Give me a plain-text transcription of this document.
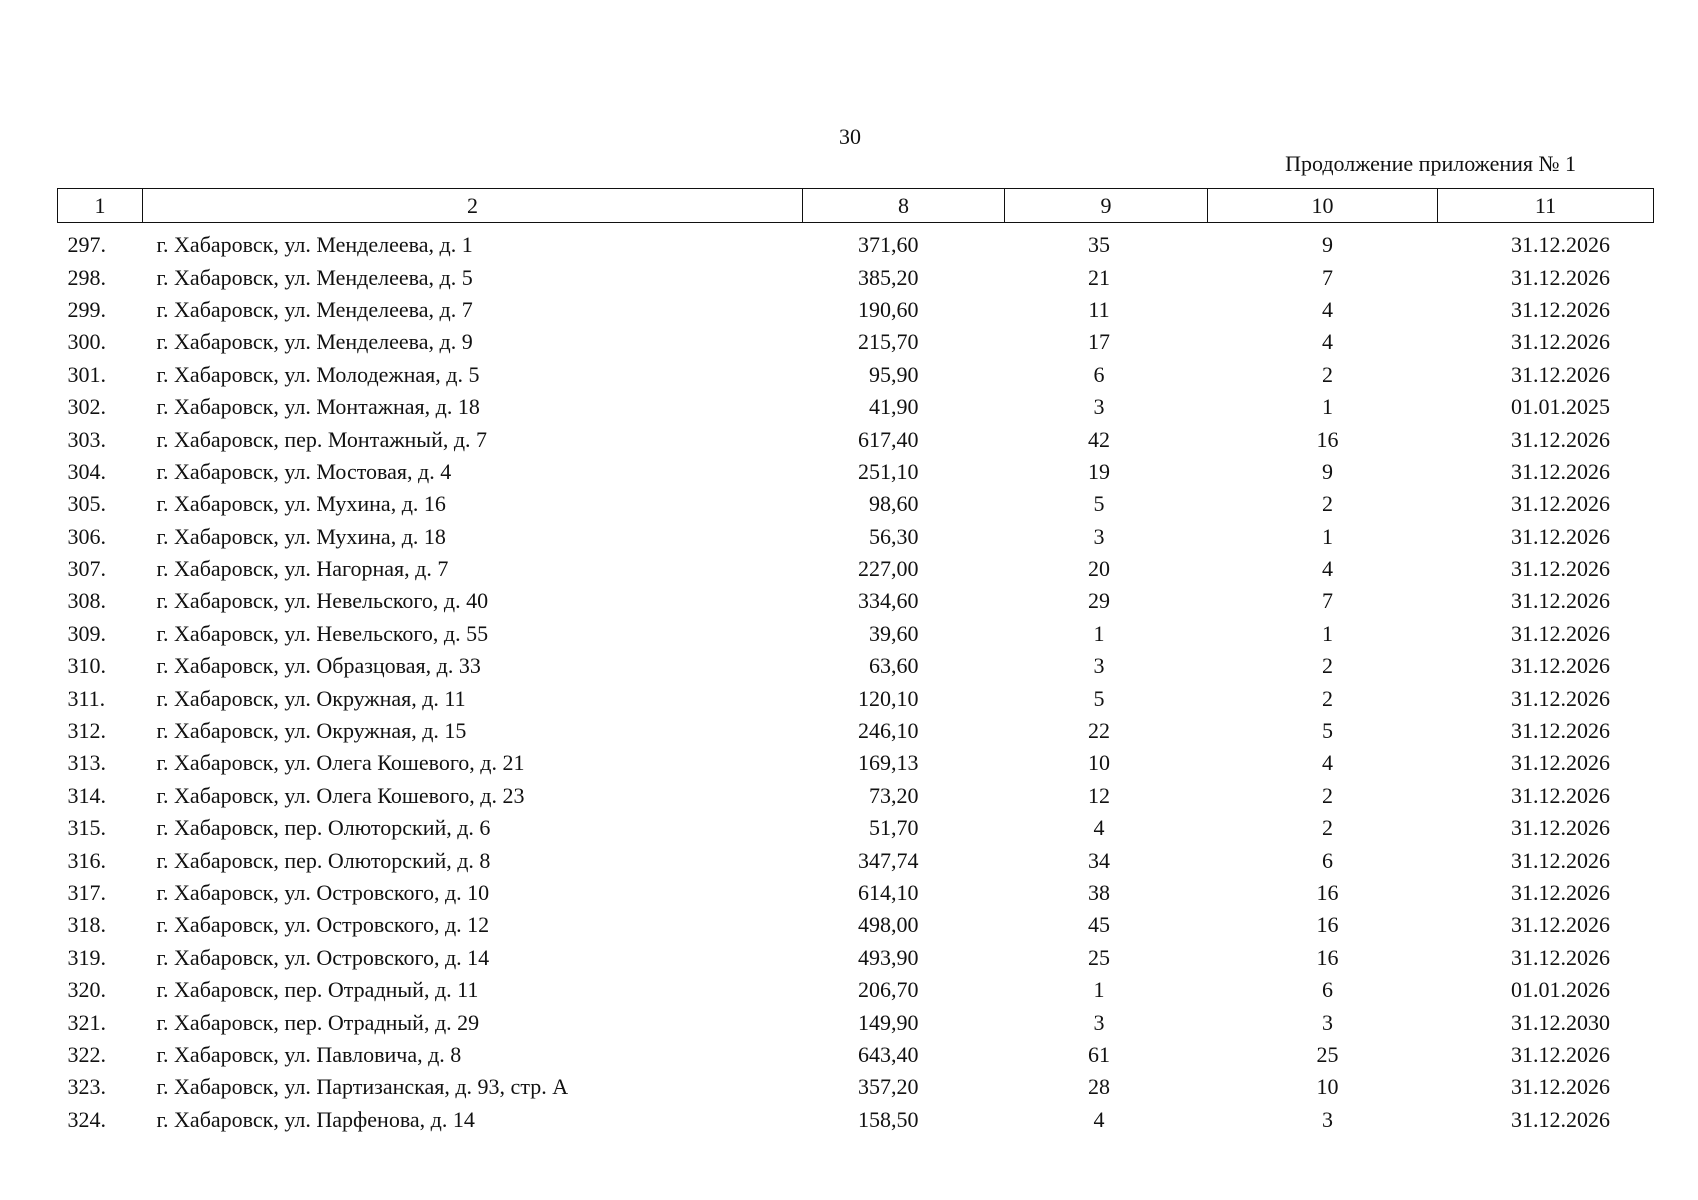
30
Продолжение приложения № 1
1	2	8	9	10	11
297.	г. Хабаровск, ул. Менделеева, д. 1	371,60	35	9	31.12.2026
298.	г. Хабаровск, ул. Менделеева, д. 5	385,20	21	7	31.12.2026
299.	г. Хабаровск, ул. Менделеева, д. 7	190,60	11	4	31.12.2026
300.	г. Хабаровск, ул. Менделеева, д. 9	215,70	17	4	31.12.2026
301.	г. Хабаровск, ул. Молодежная, д. 5	95,90	6	2	31.12.2026
302.	г. Хабаровск, ул. Монтажная, д. 18	41,90	3	1	01.01.2025
303.	г. Хабаровск, пер. Монтажный, д. 7	617,40	42	16	31.12.2026
304.	г. Хабаровск, ул. Мостовая, д. 4	251,10	19	9	31.12.2026
305.	г. Хабаровск, ул. Мухина, д. 16	98,60	5	2	31.12.2026
306.	г. Хабаровск, ул. Мухина, д. 18	56,30	3	1	31.12.2026
307.	г. Хабаровск, ул. Нагорная, д. 7	227,00	20	4	31.12.2026
308.	г. Хабаровск, ул. Невельского, д. 40	334,60	29	7	31.12.2026
309.	г. Хабаровск, ул. Невельского, д. 55	39,60	1	1	31.12.2026
310.	г. Хабаровск, ул. Образцовая, д. 33	63,60	3	2	31.12.2026
311.	г. Хабаровск, ул. Окружная, д. 11	120,10	5	2	31.12.2026
312.	г. Хабаровск, ул. Окружная, д. 15	246,10	22	5	31.12.2026
313.	г. Хабаровск, ул. Олега Кошевого, д. 21	169,13	10	4	31.12.2026
314.	г. Хабаровск, ул. Олега Кошевого, д. 23	73,20	12	2	31.12.2026
315.	г. Хабаровск, пер. Олюторский, д. 6	51,70	4	2	31.12.2026
316.	г. Хабаровск, пер. Олюторский, д. 8	347,74	34	6	31.12.2026
317.	г. Хабаровск, ул. Островского, д. 10	614,10	38	16	31.12.2026
318.	г. Хабаровск, ул. Островского, д. 12	498,00	45	16	31.12.2026
319.	г. Хабаровск, ул. Островского, д. 14	493,90	25	16	31.12.2026
320.	г. Хабаровск, пер. Отрадный, д. 11	206,70	1	6	01.01.2026
321.	г. Хабаровск, пер. Отрадный, д. 29	149,90	3	3	31.12.2030
322.	г. Хабаровск, ул. Павловича, д. 8	643,40	61	25	31.12.2026
323.	г. Хабаровск, ул. Партизанская, д. 93, стр. А	357,20	28	10	31.12.2026
324.	г. Хабаровск, ул. Парфенова, д. 14	158,50	4	3	31.12.2026
